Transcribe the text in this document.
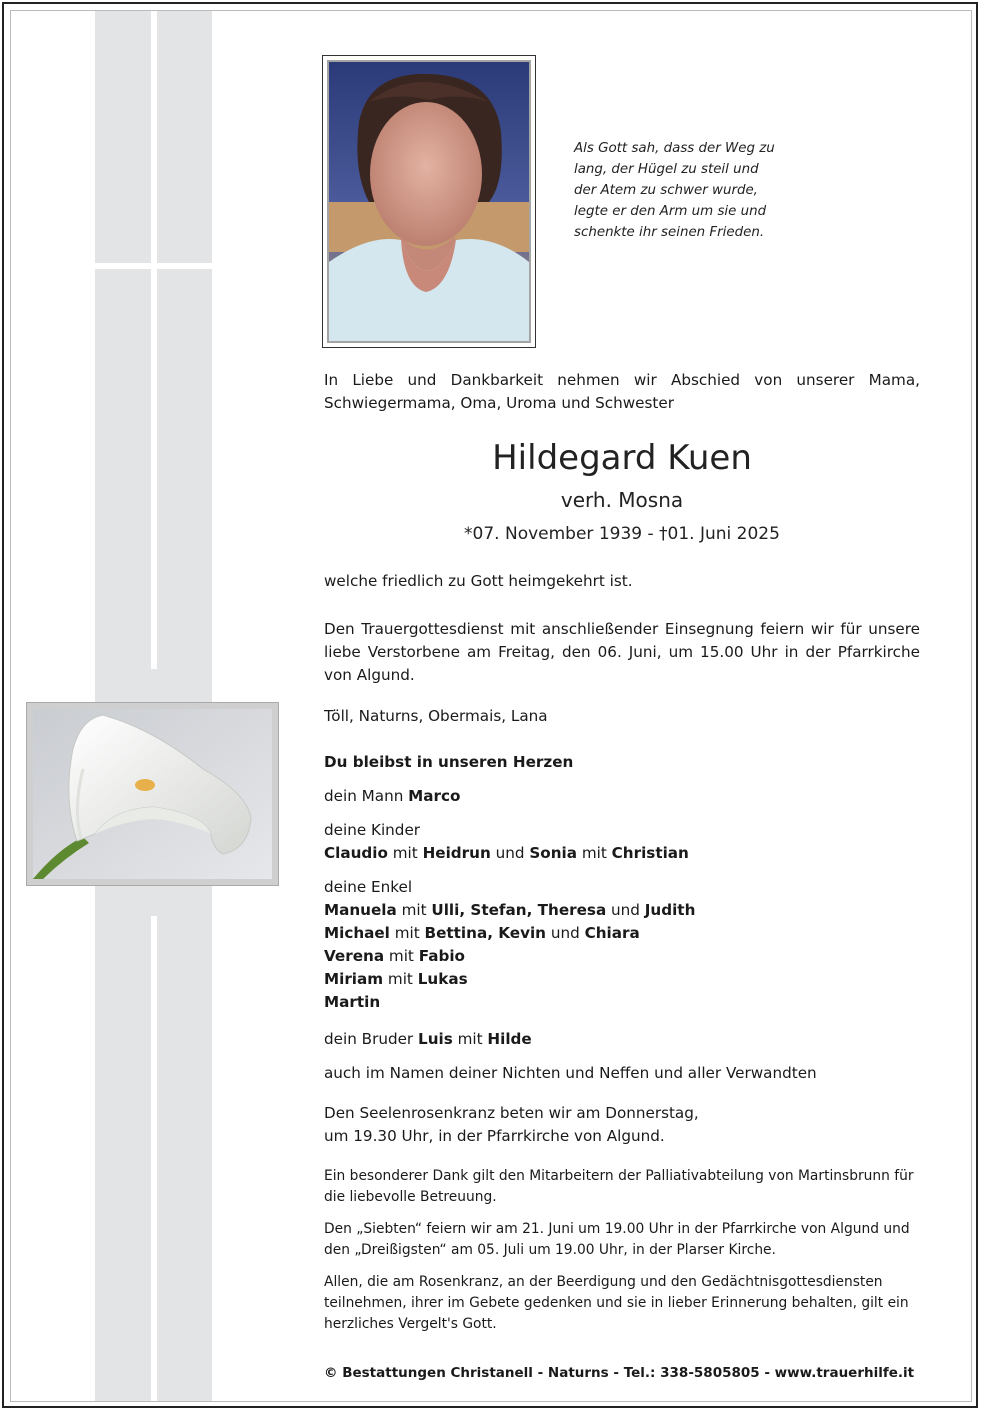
Als Gott sah, dass der Weg zu
lang, der Hügel zu steil und
der Atem zu schwer wurde,
legte er den Arm um sie und
schenkte ihr seinen Frieden.
In Liebe und Dankbarkeit nehmen wir Abschied von unserer Mama, Schwiegermama, Oma, Uroma und Schwester
Hildegard Kuen
verh. Mosna
*07. November 1939 - †01. Juni 2025
welche friedlich zu Gott heimgekehrt ist.
Den Trauergottesdienst mit anschließender Einsegnung feiern wir für unsere liebe Verstorbene am Freitag, den 06. Juni, um 15.00 Uhr in der Pfarrkirche von Algund.
Töll, Naturns, Obermais, Lana
Du bleibst in unseren Herzen
dein Mann Marco
deine Kinder
Claudio mit Heidrun und Sonia mit Christian
deine Enkel
Manuela mit Ulli, Stefan, Theresa und Judith
Michael mit Bettina, Kevin und Chiara
Verena mit Fabio
Miriam mit Lukas
Martin
dein Bruder Luis mit Hilde
auch im Namen deiner Nichten und Neffen und aller Verwandten
Den Seelenrosenkranz beten wir am Donnerstag,
um 19.30 Uhr, in der Pfarrkirche von Algund.
Ein besonderer Dank gilt den Mitarbeitern der Palliativabteilung von Martinsbrunn für die liebevolle Betreuung.
Den „Siebten“ feiern wir am 21. Juni um 19.00 Uhr in der Pfarrkirche von Algund und den „Dreißigsten“ am 05. Juli um 19.00 Uhr, in der Plarser Kirche.
Allen, die am Rosenkranz, an der Beerdigung und den Gedächtnisgottesdiensten teilnehmen, ihrer im Gebete gedenken und sie in lieber Erinnerung behalten, gilt ein herzliches Vergelt's Gott.
© Bestattungen Christanell - Naturns - Tel.: 338-5805805 - www.trauerhilfe.it
